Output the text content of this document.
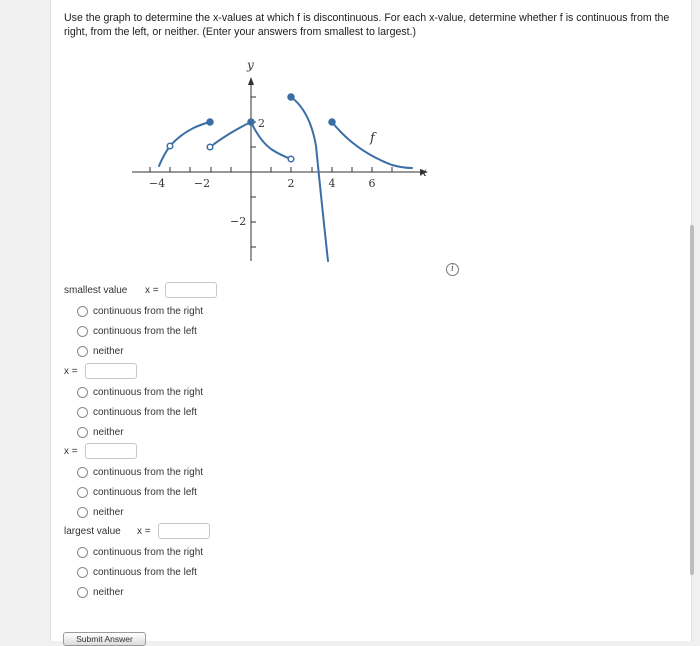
Use the graph to determine the x-values at which f is discontinuous. For each x-value, determine whether f is continuous from the right, from the left, or neither. (Enter your answers from smallest to largest.)
y
x
f
−4	−2	2	4	6
2
−2
i
smallest value x =
continuous from the right
continuous from the left
neither
x =
continuous from the right
continuous from the left
neither
x =
continuous from the right
continuous from the left
neither
largest value x =
continuous from the right
continuous from the left
neither
Submit Answer
